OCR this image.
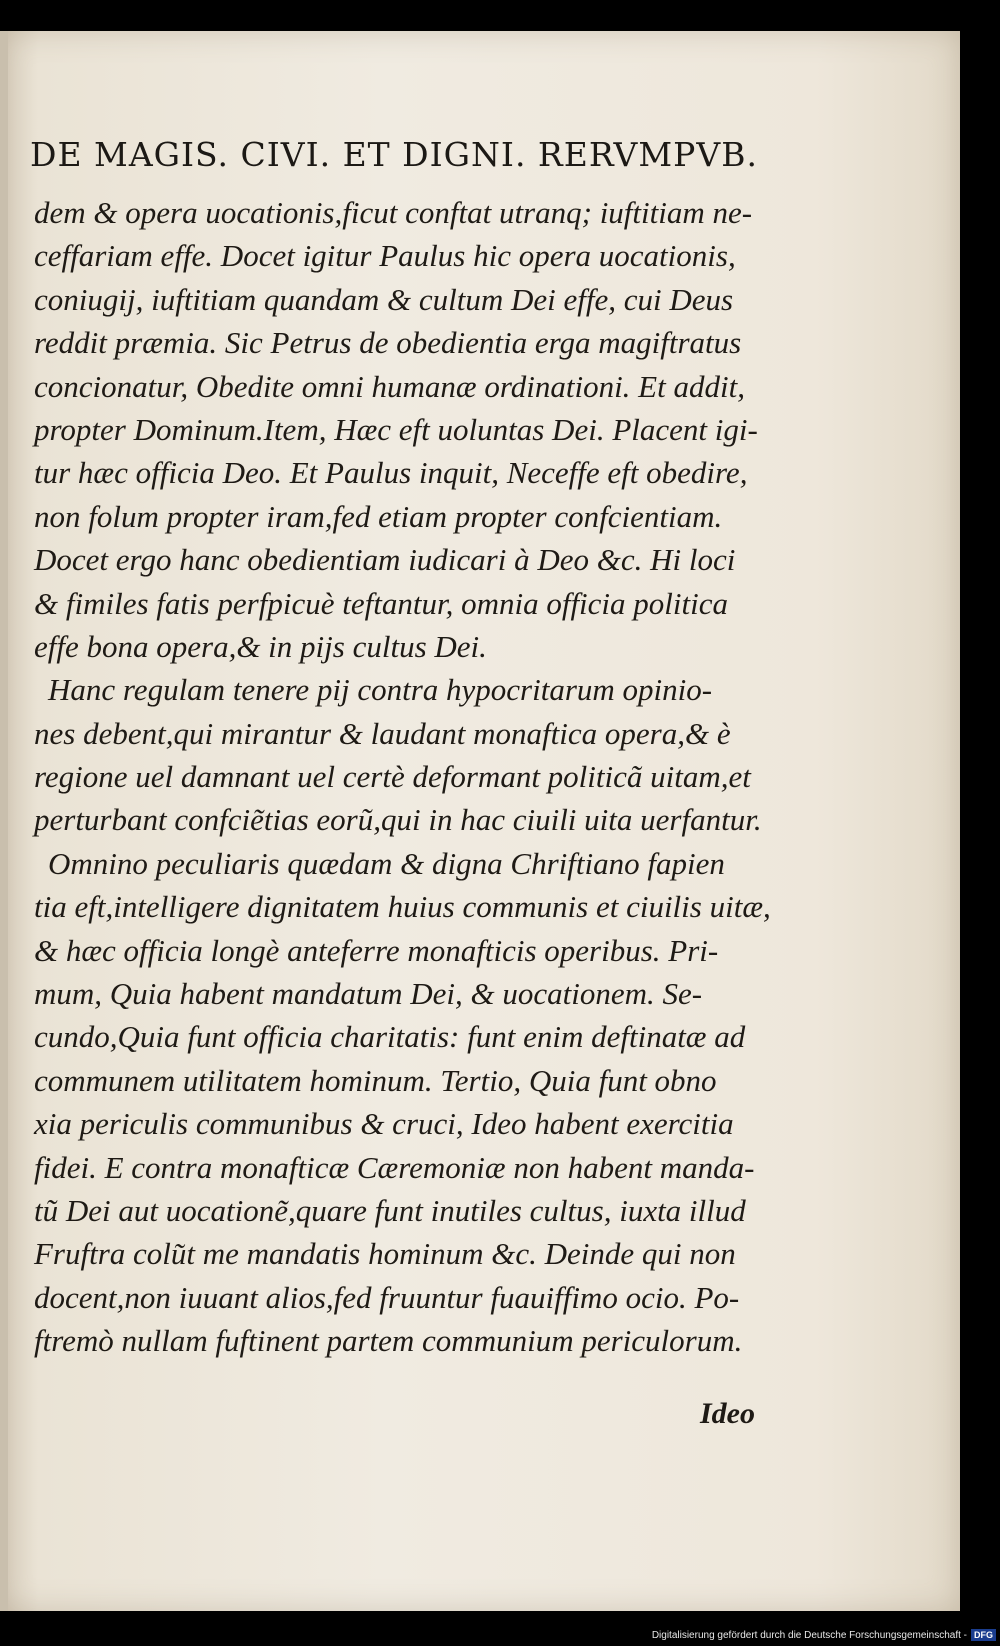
DE MAGIS. CIVI. ET DIGNI. RERVMPVB.
dem & opera uocationis,ficut conftat utranq; iuftitiam ne-
ceffariam effe. Docet igitur Paulus hic opera uocationis,
coniugij, iuftitiam quandam & cultum Dei effe, cui Deus
reddit præmia. Sic Petrus de obedientia erga magiftratus
concionatur, Obedite omni humanæ ordinationi. Et addit,
propter Dominum.Item, Hæc eft uoluntas Dei. Placent igi-
tur hæc officia Deo. Et Paulus inquit, Neceffe eft obedire,
non folum propter iram,fed etiam propter confcientiam.
Docet ergo hanc obedientiam iudicari à Deo &c. Hi loci
& fimiles fatis perfpicuè teftantur, omnia officia politica
effe bona opera,& in pijs cultus Dei.
Hanc regulam tenere pij contra hypocritarum opinio-
nes debent,qui mirantur & laudant monaftica opera,& è
regione uel damnant uel certè deformant politicã uitam,et
perturbant confcie͂tias eorũ,qui in hac ciuili uita uerfantur.
Omnino peculiaris quædam & digna Chriftiano fapien
tia eft,intelligere dignitatem huius communis et ciuilis uitæ,
& hæc officia longè anteferre monafticis operibus. Pri-
mum, Quia habent mandatum Dei, & uocationem. Se-
cundo,Quia funt officia charitatis: funt enim deftinatæ ad
communem utilitatem hominum. Tertio, Quia funt obno
xia periculis communibus & cruci, Ideo habent exercitia
fidei. E contra monafticæ Cæremoniæ non habent manda-
tũ Dei aut uocatione͂,quare funt inutiles cultus, iuxta illud
Fruftra colu͂t me mandatis hominum &c. Deinde qui non
docent,non iuuant alios,fed fruuntur fuauiffimo ocio. Po-
ftremò nullam fuftinent partem communium periculorum.
Ideo
Digitalisierung gefördert durch die Deutsche Forschungsgemeinschaft - DFG
